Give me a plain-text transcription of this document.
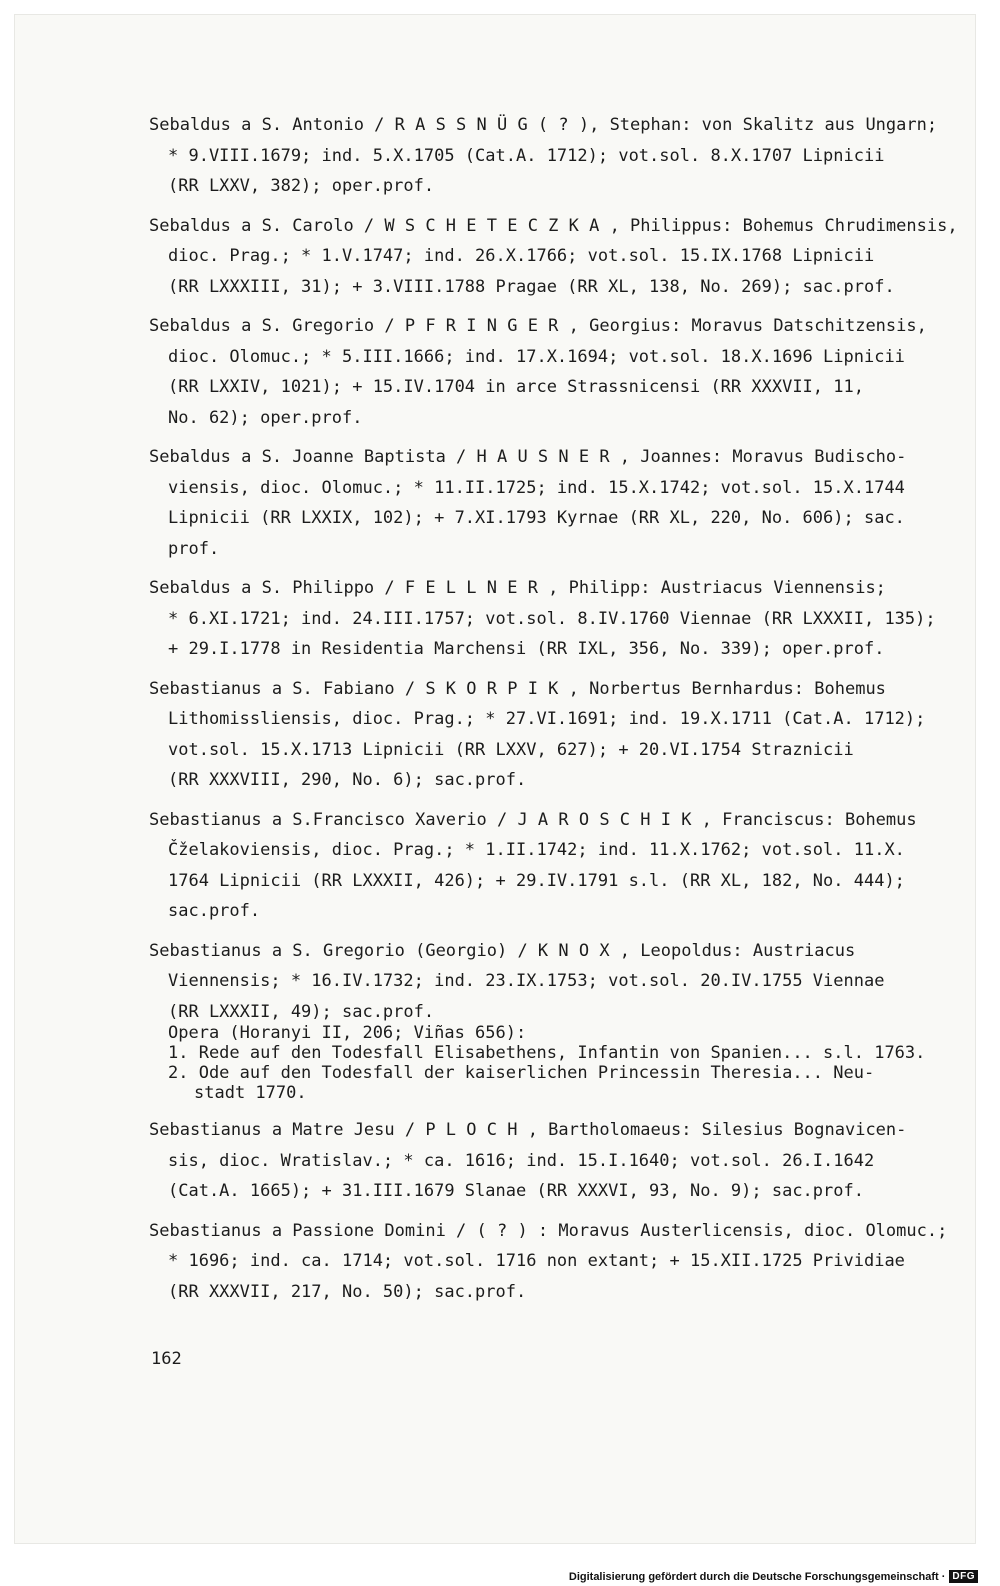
Sebaldus a S. Antonio / R A S S N Ü G ( ? ), Stephan: von Skalitz aus Ungarn;
* 9.VIII.1679; ind. 5.X.1705 (Cat.A. 1712); vot.sol. 8.X.1707 Lipnicii
(RR LXXV, 382); oper.prof.
Sebaldus a S. Carolo / W S C H E T E C Z K A , Philippus: Bohemus Chrudimensis,
dioc. Prag.; * 1.V.1747; ind. 26.X.1766; vot.sol. 15.IX.1768 Lipnicii
(RR LXXXIII, 31); + 3.VIII.1788 Pragae (RR XL, 138, No. 269); sac.prof.
Sebaldus a S. Gregorio / P F R I N G E R , Georgius: Moravus Datschitzensis,
dioc. Olomuc.; * 5.III.1666; ind. 17.X.1694; vot.sol. 18.X.1696 Lipnicii
(RR LXXIV, 1021); + 15.IV.1704 in arce Strassnicensi (RR XXXVII, 11,
No. 62); oper.prof.
Sebaldus a S. Joanne Baptista / H A U S N E R , Joannes: Moravus Budischo-
viensis, dioc. Olomuc.; * 11.II.1725; ind. 15.X.1742; vot.sol. 15.X.1744
Lipnicii (RR LXXIX, 102); + 7.XI.1793 Kyrnae (RR XL, 220, No. 606); sac.
prof.
Sebaldus a S. Philippo / F E L L N E R , Philipp: Austriacus Viennensis;
* 6.XI.1721; ind. 24.III.1757; vot.sol. 8.IV.1760 Viennae (RR LXXXII, 135);
+ 29.I.1778 in Residentia Marchensi (RR IXL, 356, No. 339); oper.prof.
Sebastianus a S. Fabiano / S K O R P I K , Norbertus Bernhardus: Bohemus
Lithomissliensis, dioc. Prag.; * 27.VI.1691; ind. 19.X.1711 (Cat.A. 1712);
vot.sol. 15.X.1713 Lipnicii (RR LXXV, 627); + 20.VI.1754 Straznicii
(RR XXXVIII, 290, No. 6); sac.prof.
Sebastianus a S.Francisco Xaverio / J A R O S C H I K , Franciscus: Bohemus
Čželakoviensis, dioc. Prag.; * 1.II.1742; ind. 11.X.1762; vot.sol. 11.X.
1764 Lipnicii (RR LXXXII, 426); + 29.IV.1791 s.l. (RR XL, 182, No. 444);
sac.prof.
Sebastianus a S. Gregorio (Georgio) / K N O X , Leopoldus: Austriacus
Viennensis; * 16.IV.1732; ind. 23.IX.1753; vot.sol. 20.IV.1755 Viennae
(RR LXXXII, 49); sac.prof.
Opera (Horanyi II, 206; Viñas 656):
1. Rede auf den Todesfall Elisabethens, Infantin von Spanien... s.l. 1763.
2. Ode auf den Todesfall der kaiserlichen Princessin Theresia... Neu-
stadt 1770.
Sebastianus a Matre Jesu / P L O C H , Bartholomaeus: Silesius Bognavicen-
sis, dioc. Wratislav.; * ca. 1616; ind. 15.I.1640; vot.sol. 26.I.1642
(Cat.A. 1665); + 31.III.1679 Slanae (RR XXXVI, 93, No. 9); sac.prof.
Sebastianus a Passione Domini / ( ? ) : Moravus Austerlicensis, dioc. Olomuc.;
* 1696; ind. ca. 1714; vot.sol. 1716 non extant; + 15.XII.1725 Prividiae
(RR XXXVII, 217, No. 50); sac.prof.
162
Digitalisierung gefördert durch die Deutsche Forschungsgemeinschaft · DFG
